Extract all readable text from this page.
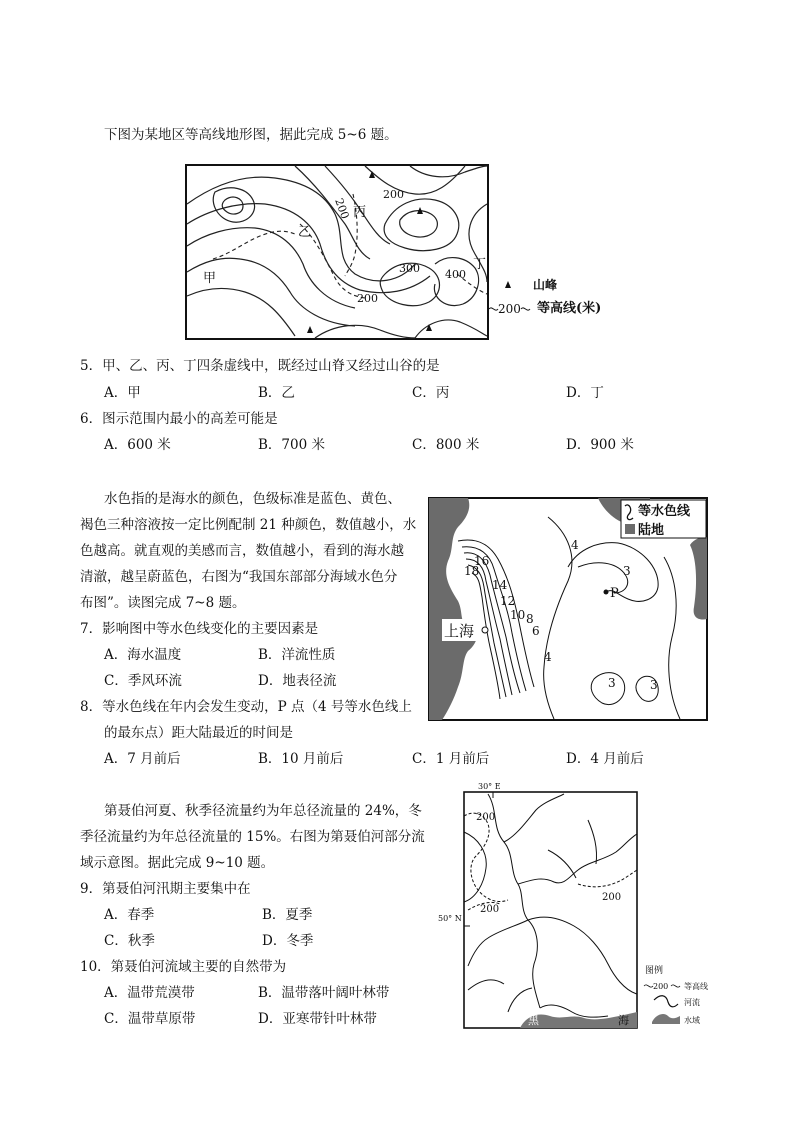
下图为某地区等高线地形图，据此完成 5~6 题。
200
200
200
300 400
甲
乙
丙
丁
山峰
200 等高线(米)
5．甲、乙、丙、丁四条虚线中，既经过山脊又经过山谷的是
A．甲	B．乙	C．丙	D．丁
6．图示范围内最小的高差可能是
A．600 米	B．700 米	C．800 米	D．900 米
水色指的是海水的颜色，色级标准是蓝色、黄色、
褐色三种溶液按一定比例配制 21 种颜色，数值越小，水
色越高。就直观的美感而言，数值越小，看到的海水越
清澈，越呈蔚蓝色，右图为“我国东部部分海域水色分
布图”。读图完成 7~8 题。
等水色线
陆地
P
上海
18
16
14
12
10 8
6
4
4
3
3	3
7．影响图中等水色线变化的主要因素是
A．海水温度	B．洋流性质
C．季风环流	D．地表径流
8．等水色线在年内会发生变动，P 点（4 号等水色线上
的最东点）距大陆最近的时间是
A．7 月前后	B．10 月前后	C．1 月前后	D．4 月前后
第聂伯河夏、秋季径流量约为年总径流量的 24%，冬
季径流量约为年总径流量的 15%。右图为第聂伯河部分流
域示意图。据此完成 9~10 题。
30° E
50° N
黑	海
200
200
200
图例
200 等高线
河流
水域
9．第聂伯河汛期主要集中在
A．春季	B．夏季
C．秋季	D．冬季
10．第聂伯河流域主要的自然带为
A．温带荒漠带	B．温带落叶阔叶林带
C．温带草原带	D．亚寒带针叶林带
